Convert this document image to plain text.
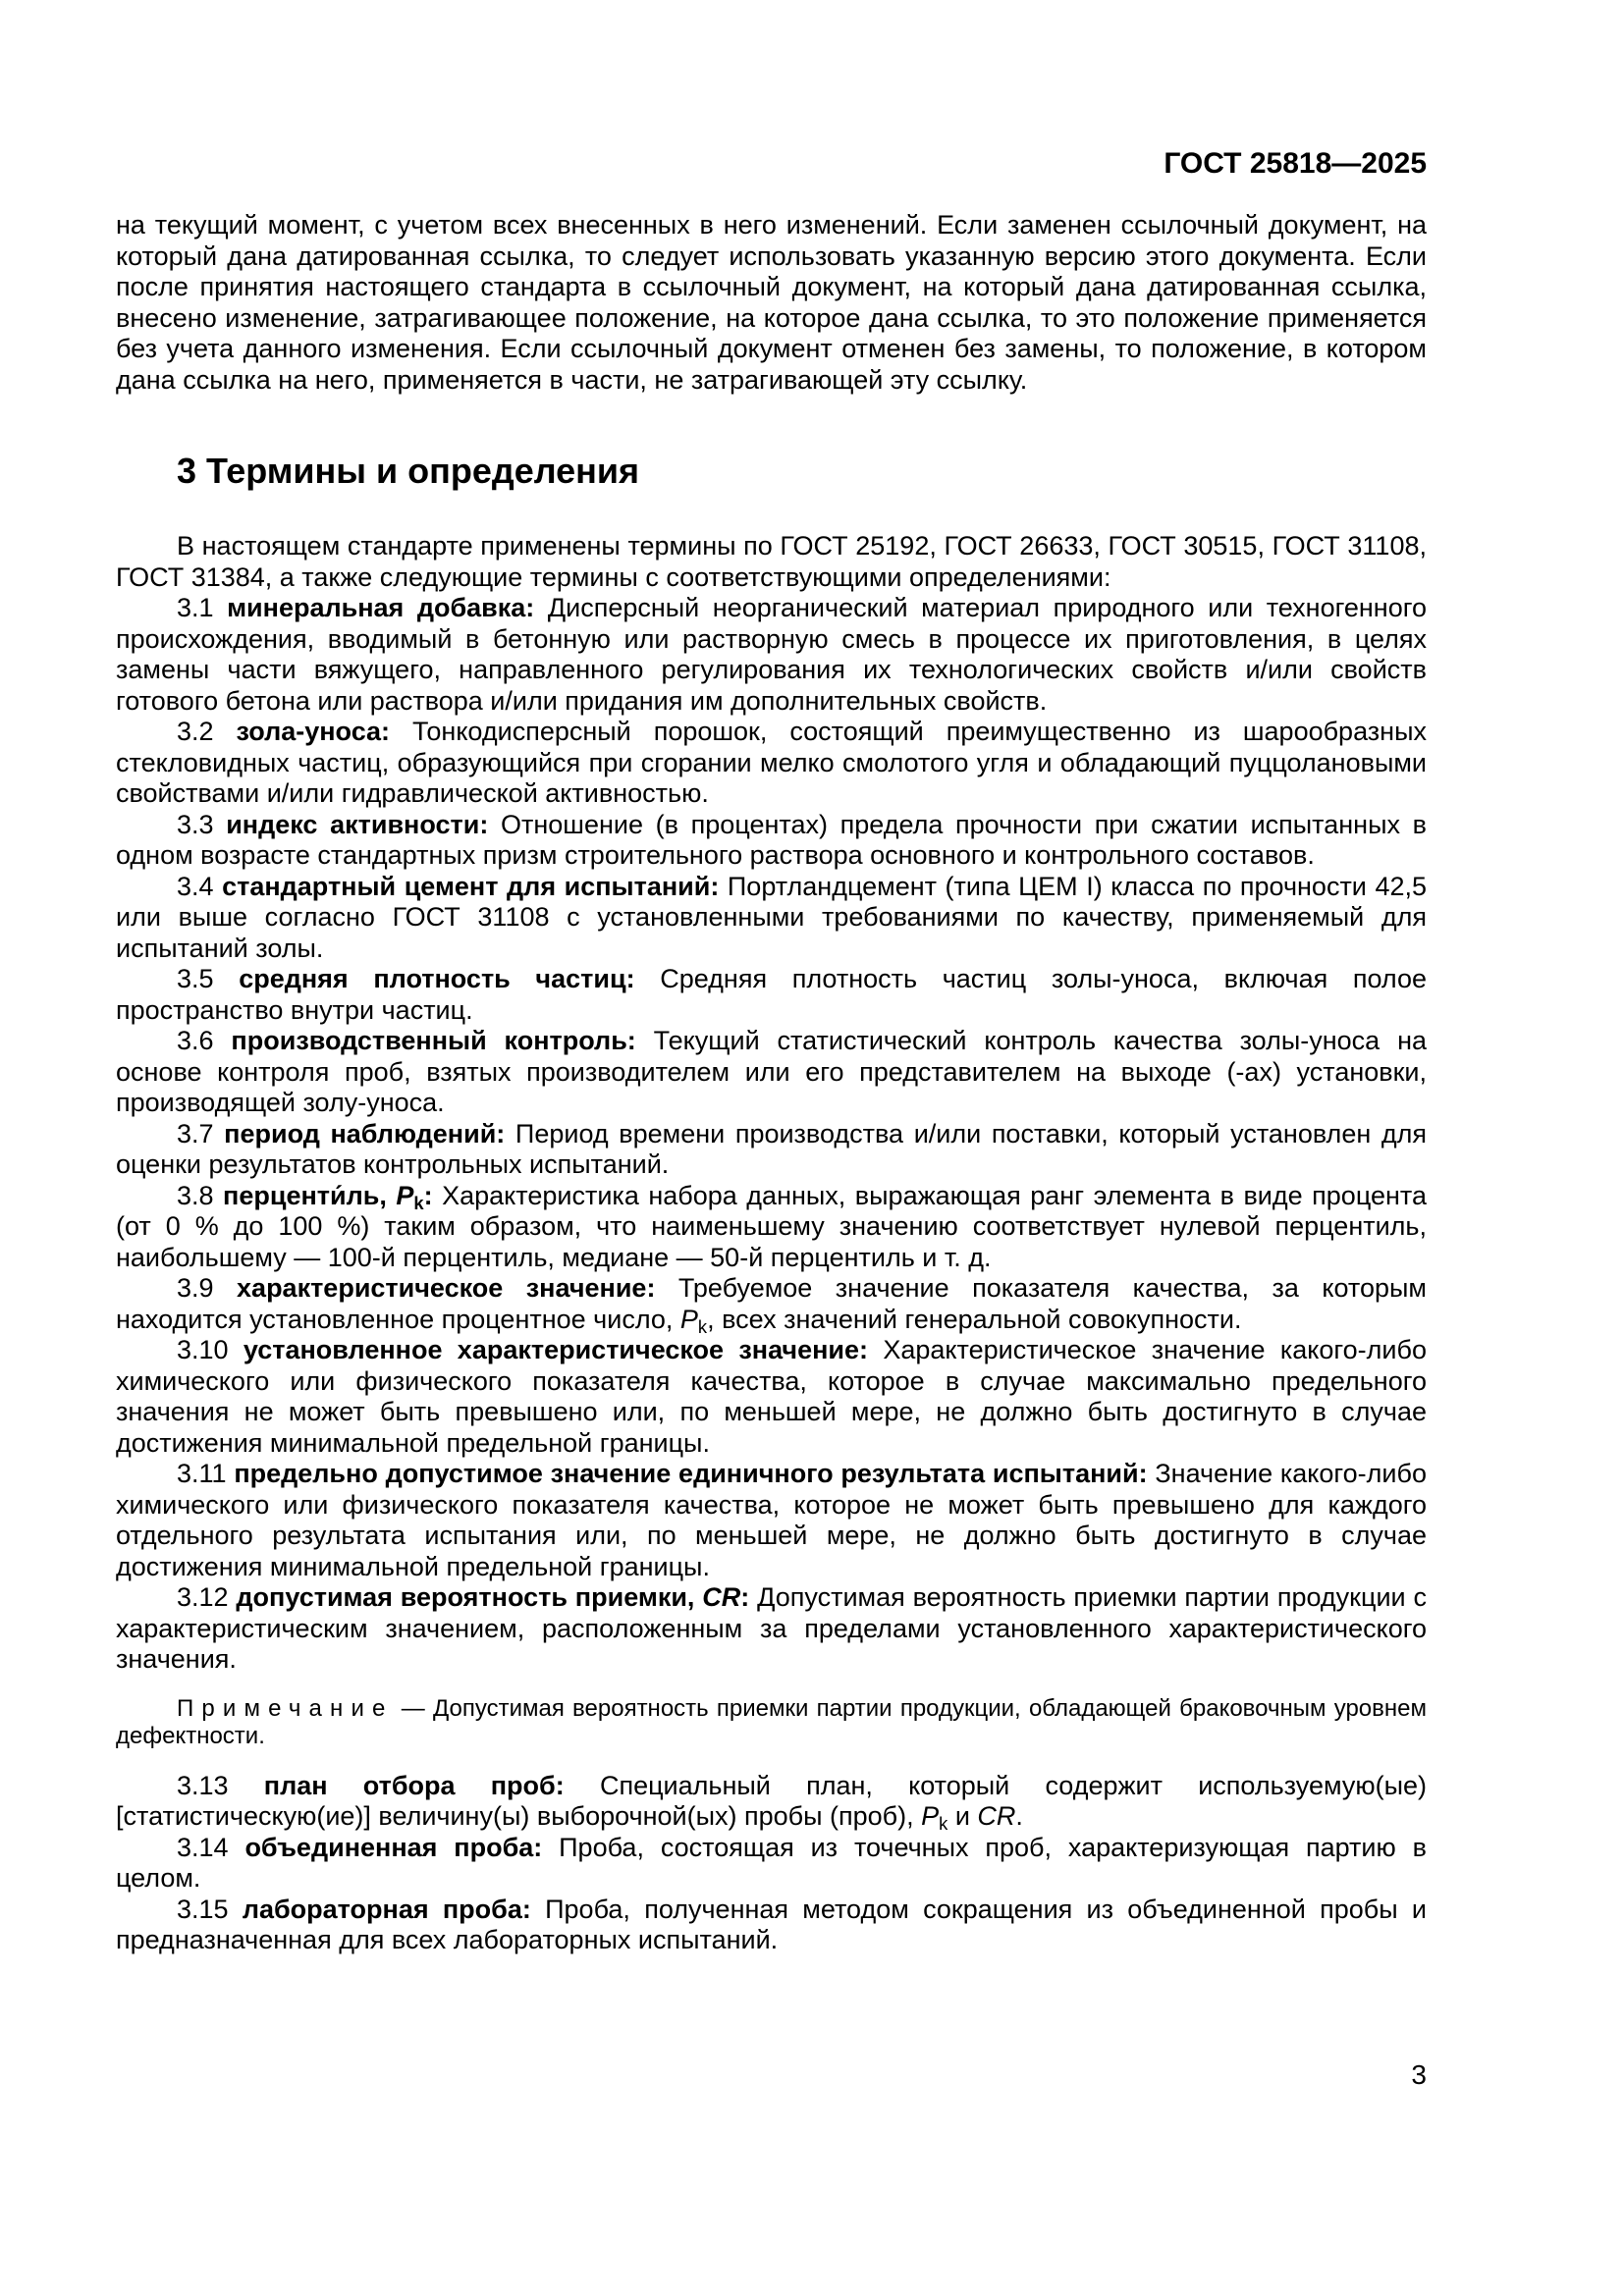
ГОСТ 25818—2025

на текущий момент, с учетом всех внесенных в него изменений. Если заменен ссылочный документ, на который дана датированная ссылка, то следует использовать указанную версию этого документа. Если после принятия настоящего стандарта в ссылочный документ, на который дана датированная ссылка, внесено изменение, затрагивающее положение, на которое дана ссылка, то это положение применяется без учета данного изменения. Если ссылочный документ отменен без замены, то положение, в котором дана ссылка на него, применяется в части, не затрагивающей эту ссылку.

3 Термины и определения

В настоящем стандарте применены термины по ГОСТ 25192, ГОСТ 26633, ГОСТ 30515, ГОСТ 31108, ГОСТ 31384, а также следующие термины с соответствующими определениями:

3.1 минеральная добавка: Дисперсный неорганический материал природного или техногенного происхождения, вводимый в бетонную или растворную смесь в процессе их приготовления, в целях замены части вяжущего, направленного регулирования их технологических свойств и/или свойств готового бетона или раствора и/или придания им дополнительных свойств.

3.2 зола-уноса: Тонкодисперсный порошок, состоящий преимущественно из шарообразных стекловидных частиц, образующийся при сгорании мелко смолотого угля и обладающий пуццолановыми свойствами и/или гидравлической активностью.

3.3 индекс активности: Отношение (в процентах) предела прочности при сжатии испытанных в одном возрасте стандартных призм строительного раствора основного и контрольного составов.

3.4 стандартный цемент для испытаний: Портландцемент (типа ЦЕМ I) класса по прочности 42,5 или выше согласно ГОСТ 31108 с установленными требованиями по качеству, применяемый для испытаний золы.

3.5 средняя плотность частиц: Средняя плотность частиц золы-уноса, включая полое пространство внутри частиц.

3.6 производственный контроль: Текущий статистический контроль качества золы-уноса на основе контроля проб, взятых производителем или его представителем на выходе (-ах) установки, производящей золу-уноса.

3.7 период наблюдений: Период времени производства и/или поставки, который установлен для оценки результатов контрольных испытаний.

3.8 перценти́ль, Pk: Характеристика набора данных, выражающая ранг элемента в виде процента (от 0 % до 100 %) таким образом, что наименьшему значению соответствует нулевой перцентиль, наибольшему — 100-й перцентиль, медиане — 50-й перцентиль и т. д.

3.9 характеристическое значение: Требуемое значение показателя качества, за которым находится установленное процентное число, Pk, всех значений генеральной совокупности.

3.10 установленное характеристическое значение: Характеристическое значение какого-либо химического или физического показателя качества, которое в случае максимально предельного значения не может быть превышено или, по меньшей мере, не должно быть достигнуто в случае достижения минимальной предельной границы.

3.11 предельно допустимое значение единичного результата испытаний: Значение какого-либо химического или физического показателя качества, которое не может быть превышено для каждого отдельного результата испытания или, по меньшей мере, не должно быть достигнуто в случае достижения минимальной предельной границы.

3.12 допустимая вероятность приемки, CR: Допустимая вероятность приемки партии продукции с характеристическим значением, расположенным за пределами установленного характеристического значения.

Примечание — Допустимая вероятность приемки партии продукции, обладающей браковочным уровнем дефектности.

3.13 план отбора проб: Специальный план, который содержит используемую(ые) [статистическую(ие)] величину(ы) выборочной(ых) пробы (проб), Pk и CR.

3.14 объединенная проба: Проба, состоящая из точечных проб, характеризующая партию в целом.

3.15 лабораторная проба: Проба, полученная методом сокращения из объединенной пробы и предназначенная для всех лабораторных испытаний.

3
